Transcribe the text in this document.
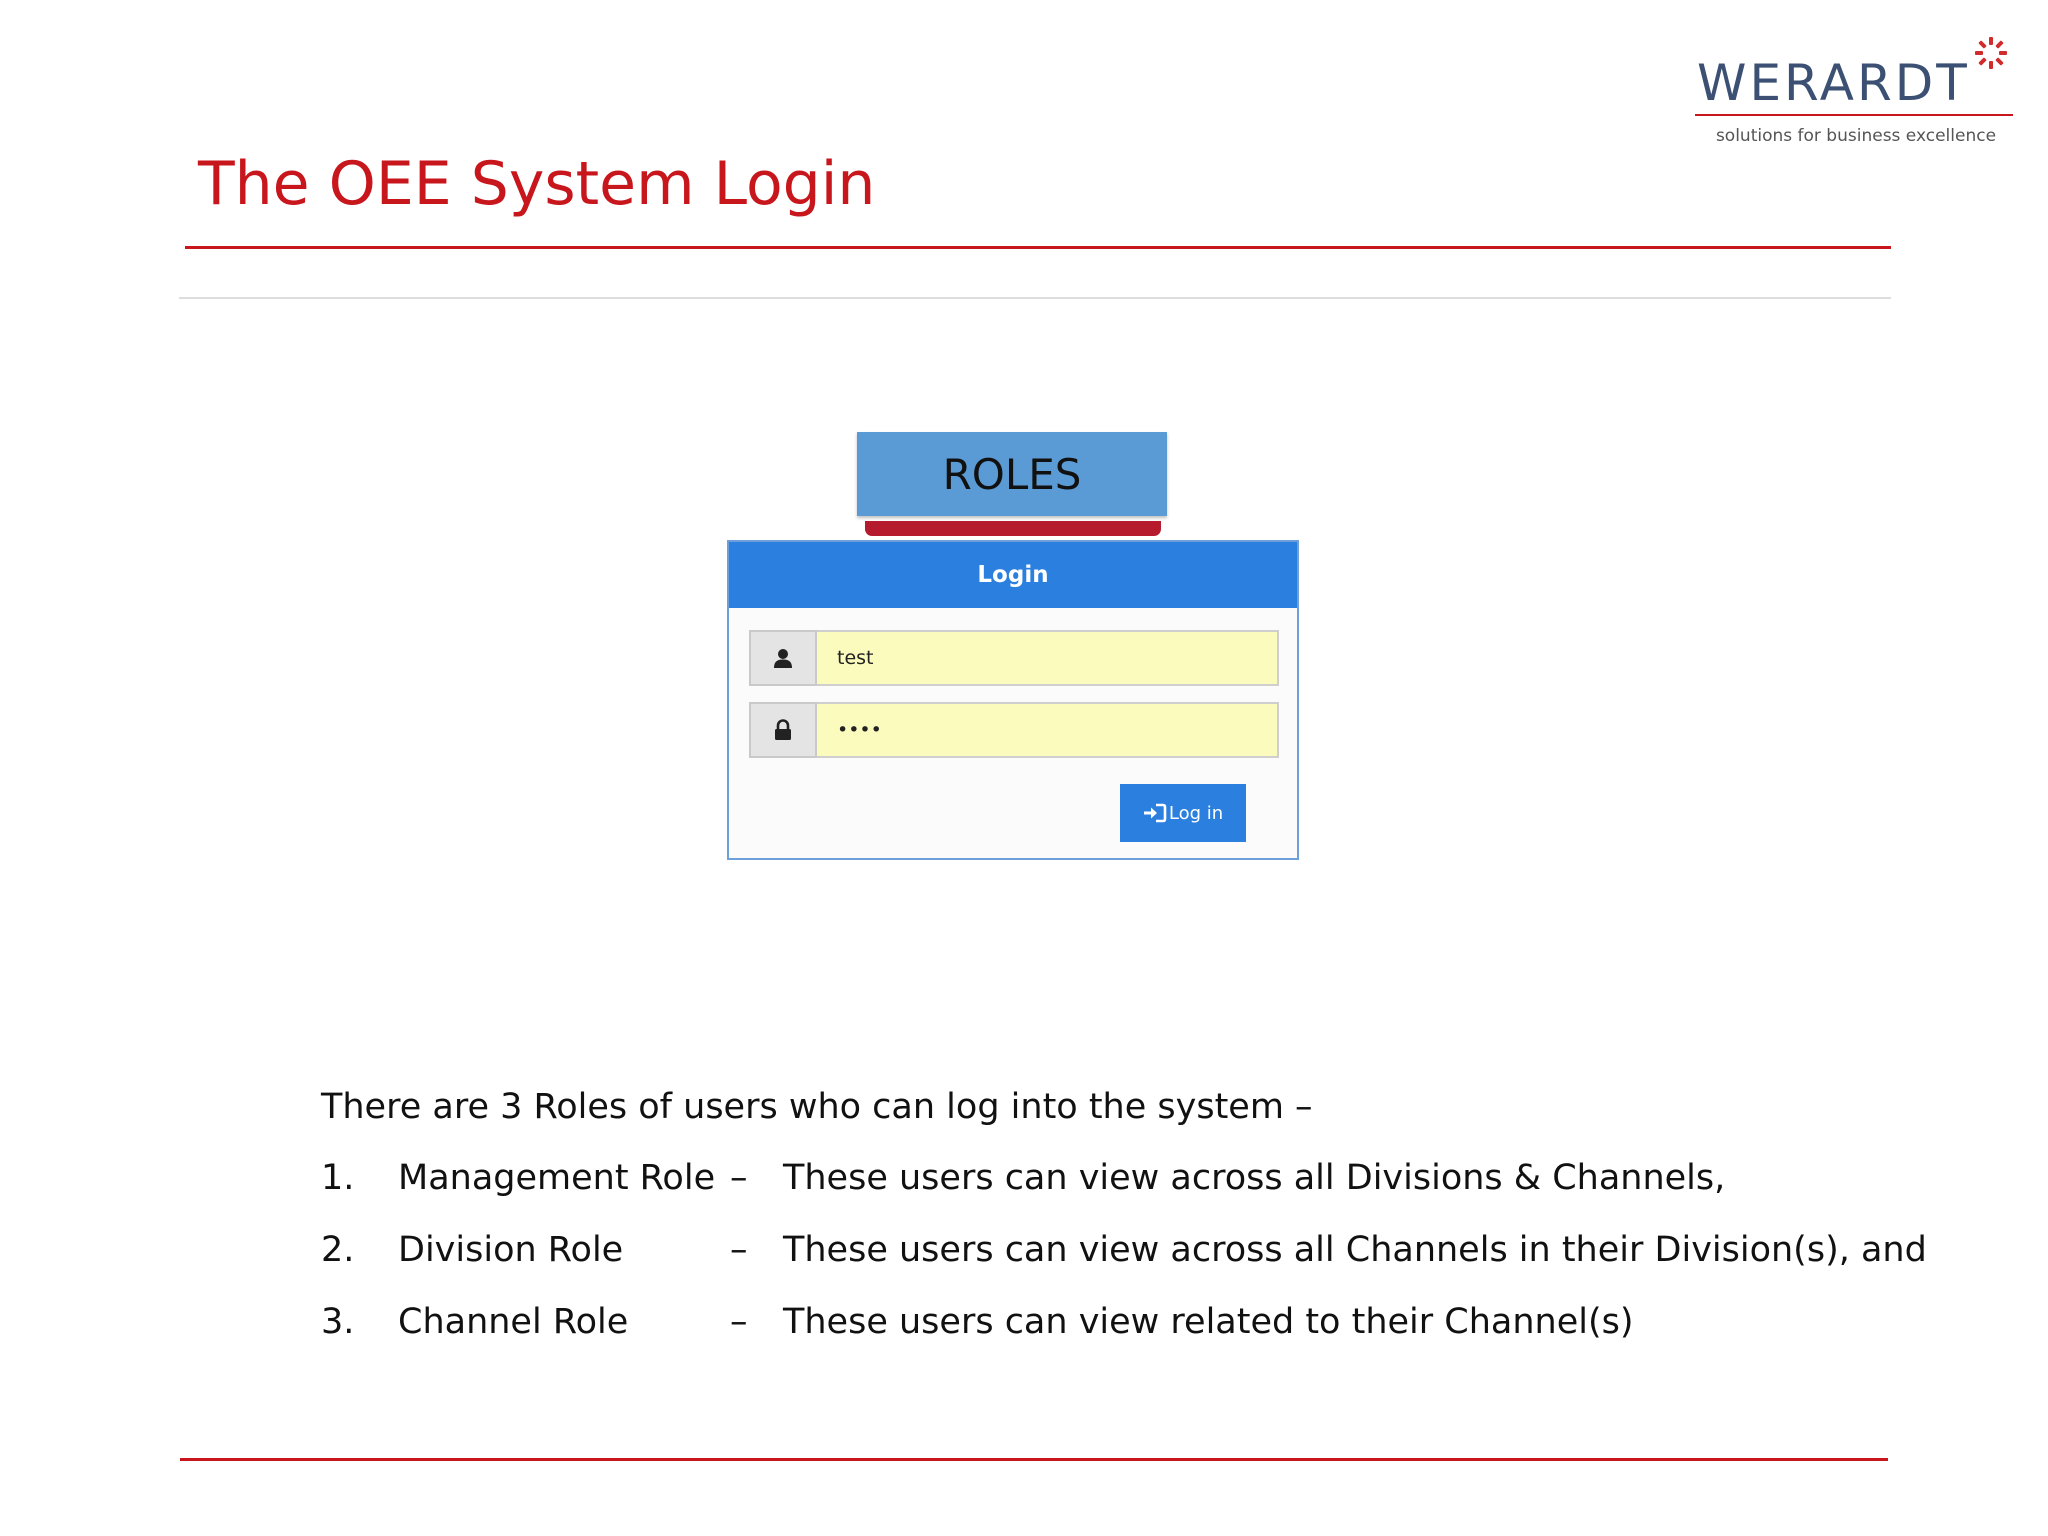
WERARDT
solutions for business excellence
The OEE System Login
ROLES
Login
test
••••
Log in
There are 3 Roles of users who can log into the system –
1. Management Role – These users can view across all Divisions & Channels,
2. Division Role	– These users can view across all Channels in their Division(s), and
3. Channel Role	– These users can view related to their Channel(s)
